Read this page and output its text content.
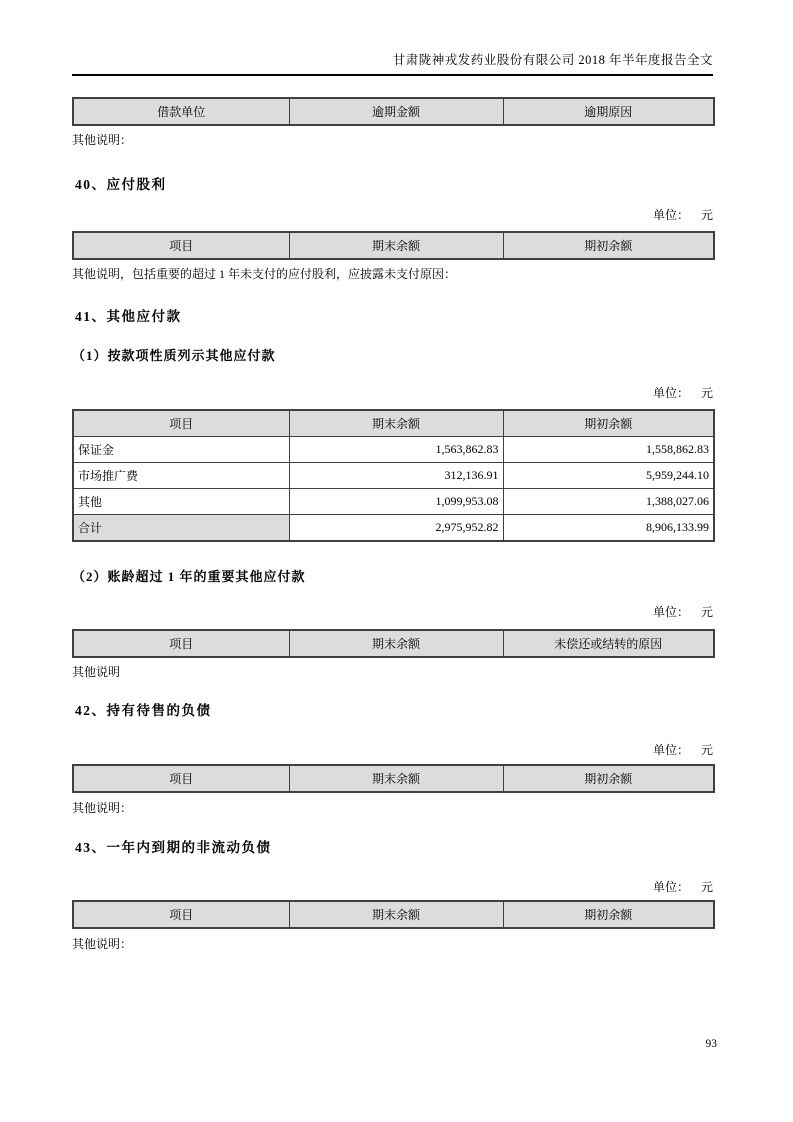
甘肃陇神戎发药业股份有限公司 2018 年半年度报告全文
借款单位	逾期金额	逾期原因
其他说明：
40、应付股利
单位： 元
项目	期末余额	期初余额
其他说明，包括重要的超过 1 年未支付的应付股利，应披露未支付原因：
41、其他应付款
（1）按款项性质列示其他应付款
单位： 元
项目	期末余额	期初余额
保证金	1,563,862.83	1,558,862.83
市场推广费	312,136.91	5,959,244.10
其他	1,099,953.08	1,388,027.06
合计	2,975,952.82	8,906,133.99
（2）账龄超过 1 年的重要其他应付款
单位： 元
项目	期末余额	未偿还或结转的原因
其他说明
42、持有待售的负债
单位： 元
项目	期末余额	期初余额
其他说明：
43、一年内到期的非流动负债
单位： 元
项目	期末余额	期初余额
其他说明：
93
